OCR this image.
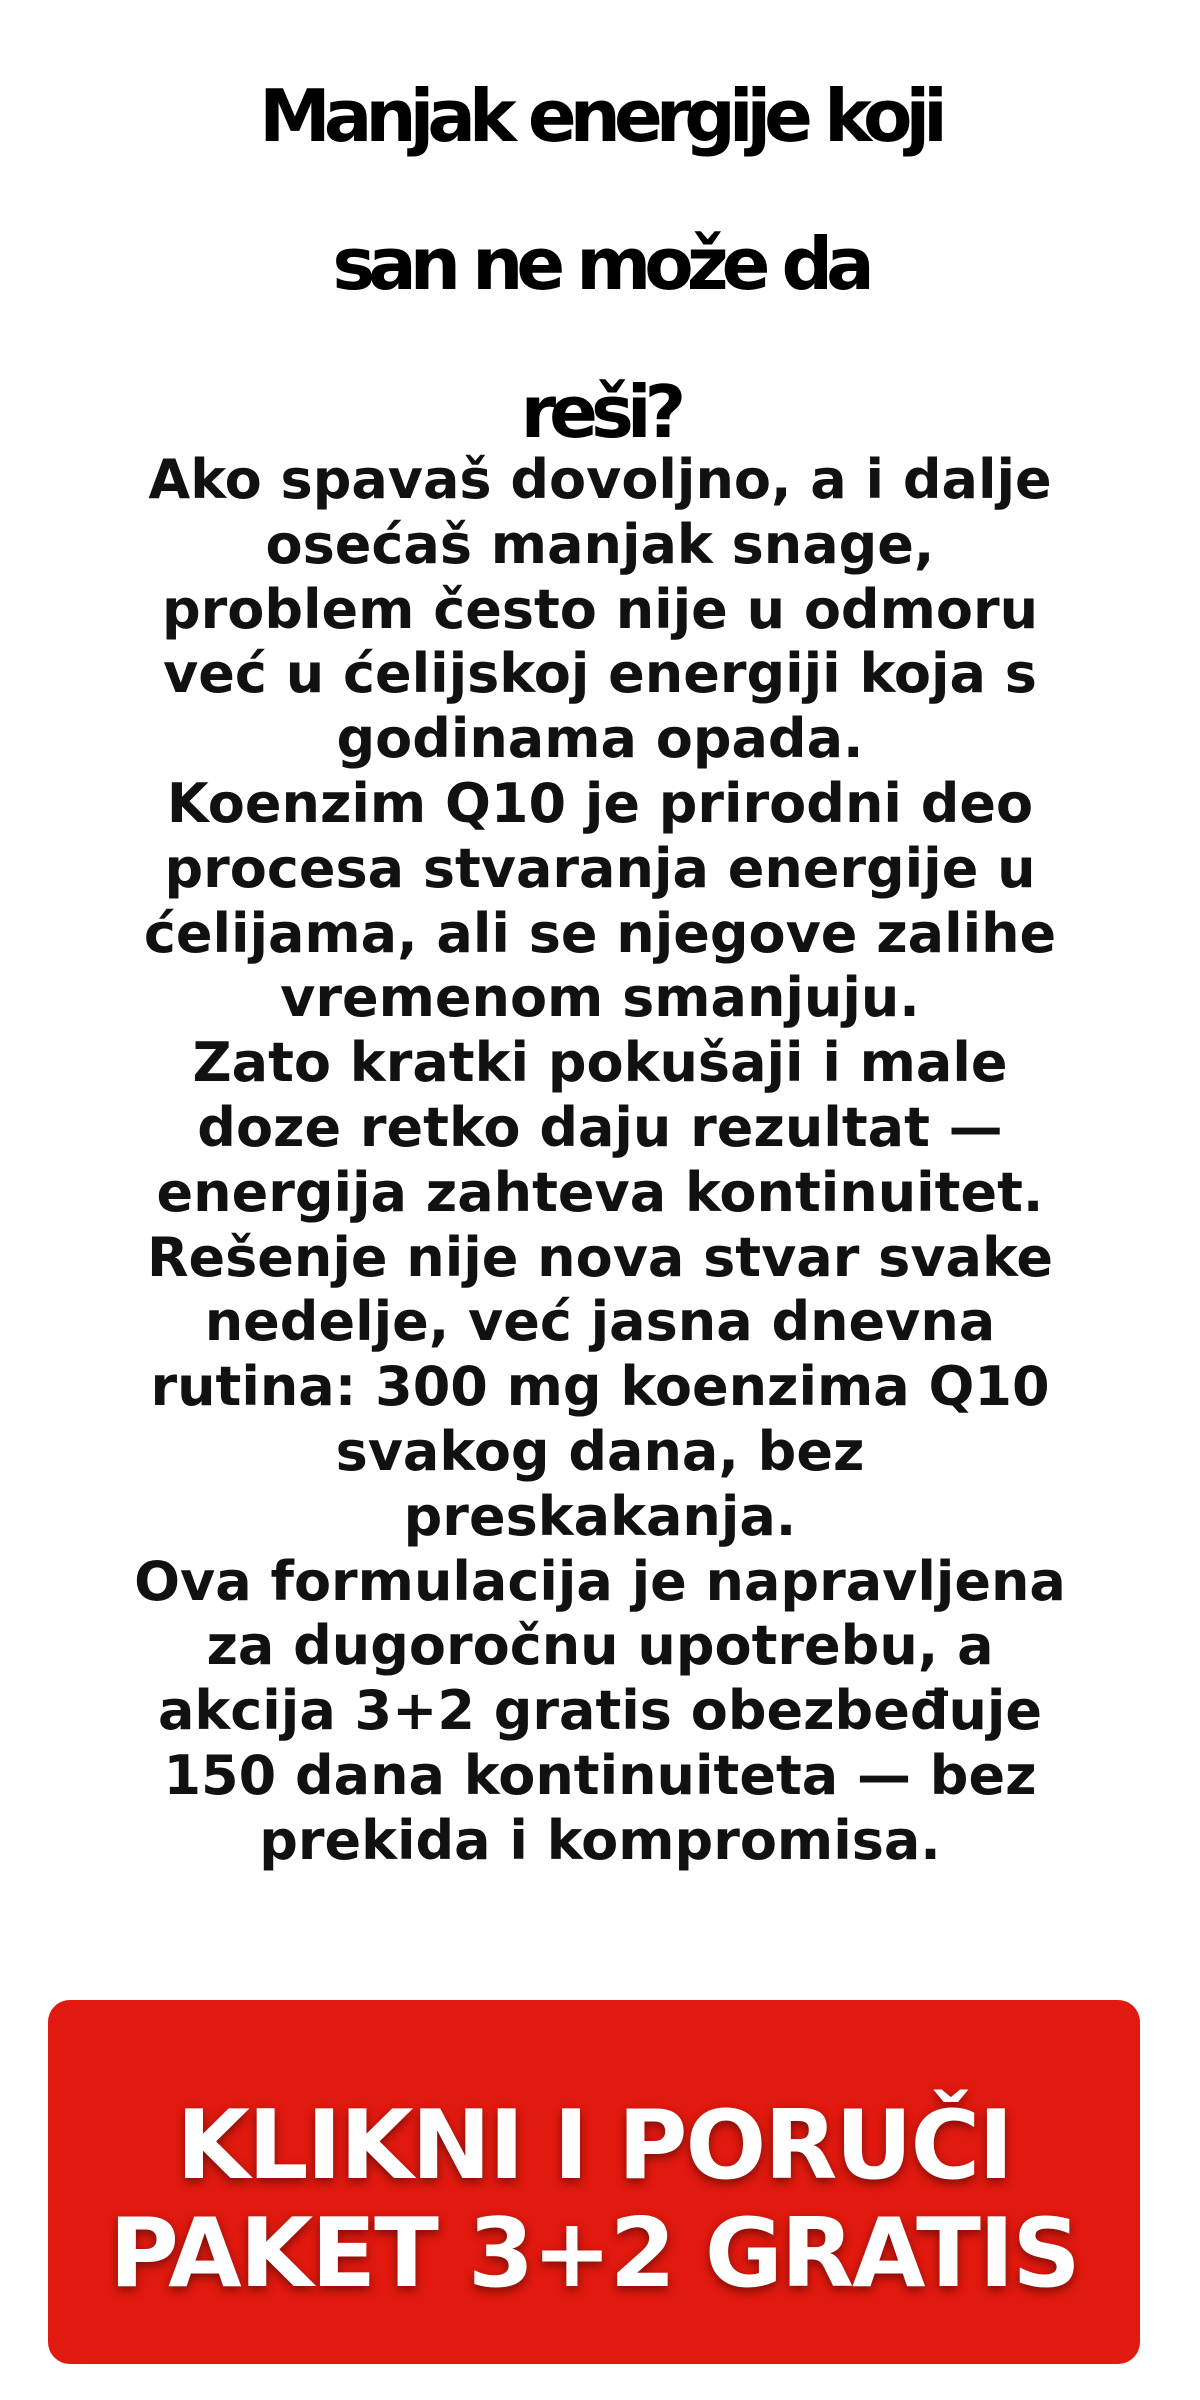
Manjak energije koji
san ne može da
reši?

Ako spavaš dovoljno, a i dalje
osećaš manjak snage,
problem često nije u odmoru
već u ćelijskoj energiji koja s
godinama opada.

Koenzim Q10 je prirodni deo
procesa stvaranja energije u
ćelijama, ali se njegove zalihe
vremenom smanjuju.

Zato kratki pokušaji i male
doze retko daju rezultat —
energija zahteva kontinuitet.

Rešenje nije nova stvar svake
nedelje, već jasna dnevna
rutina: 300 mg koenzima Q10
svakog dana, bez
preskakanja.

Ova formulacija je napravljena
za dugoročnu upotrebu, a
akcija 3+2 gratis obezbeđuje
150 dana kontinuiteta — bez
prekida i kompromisa.

KLIKNI I PORUČI
PAKET 3+2 GRATIS
